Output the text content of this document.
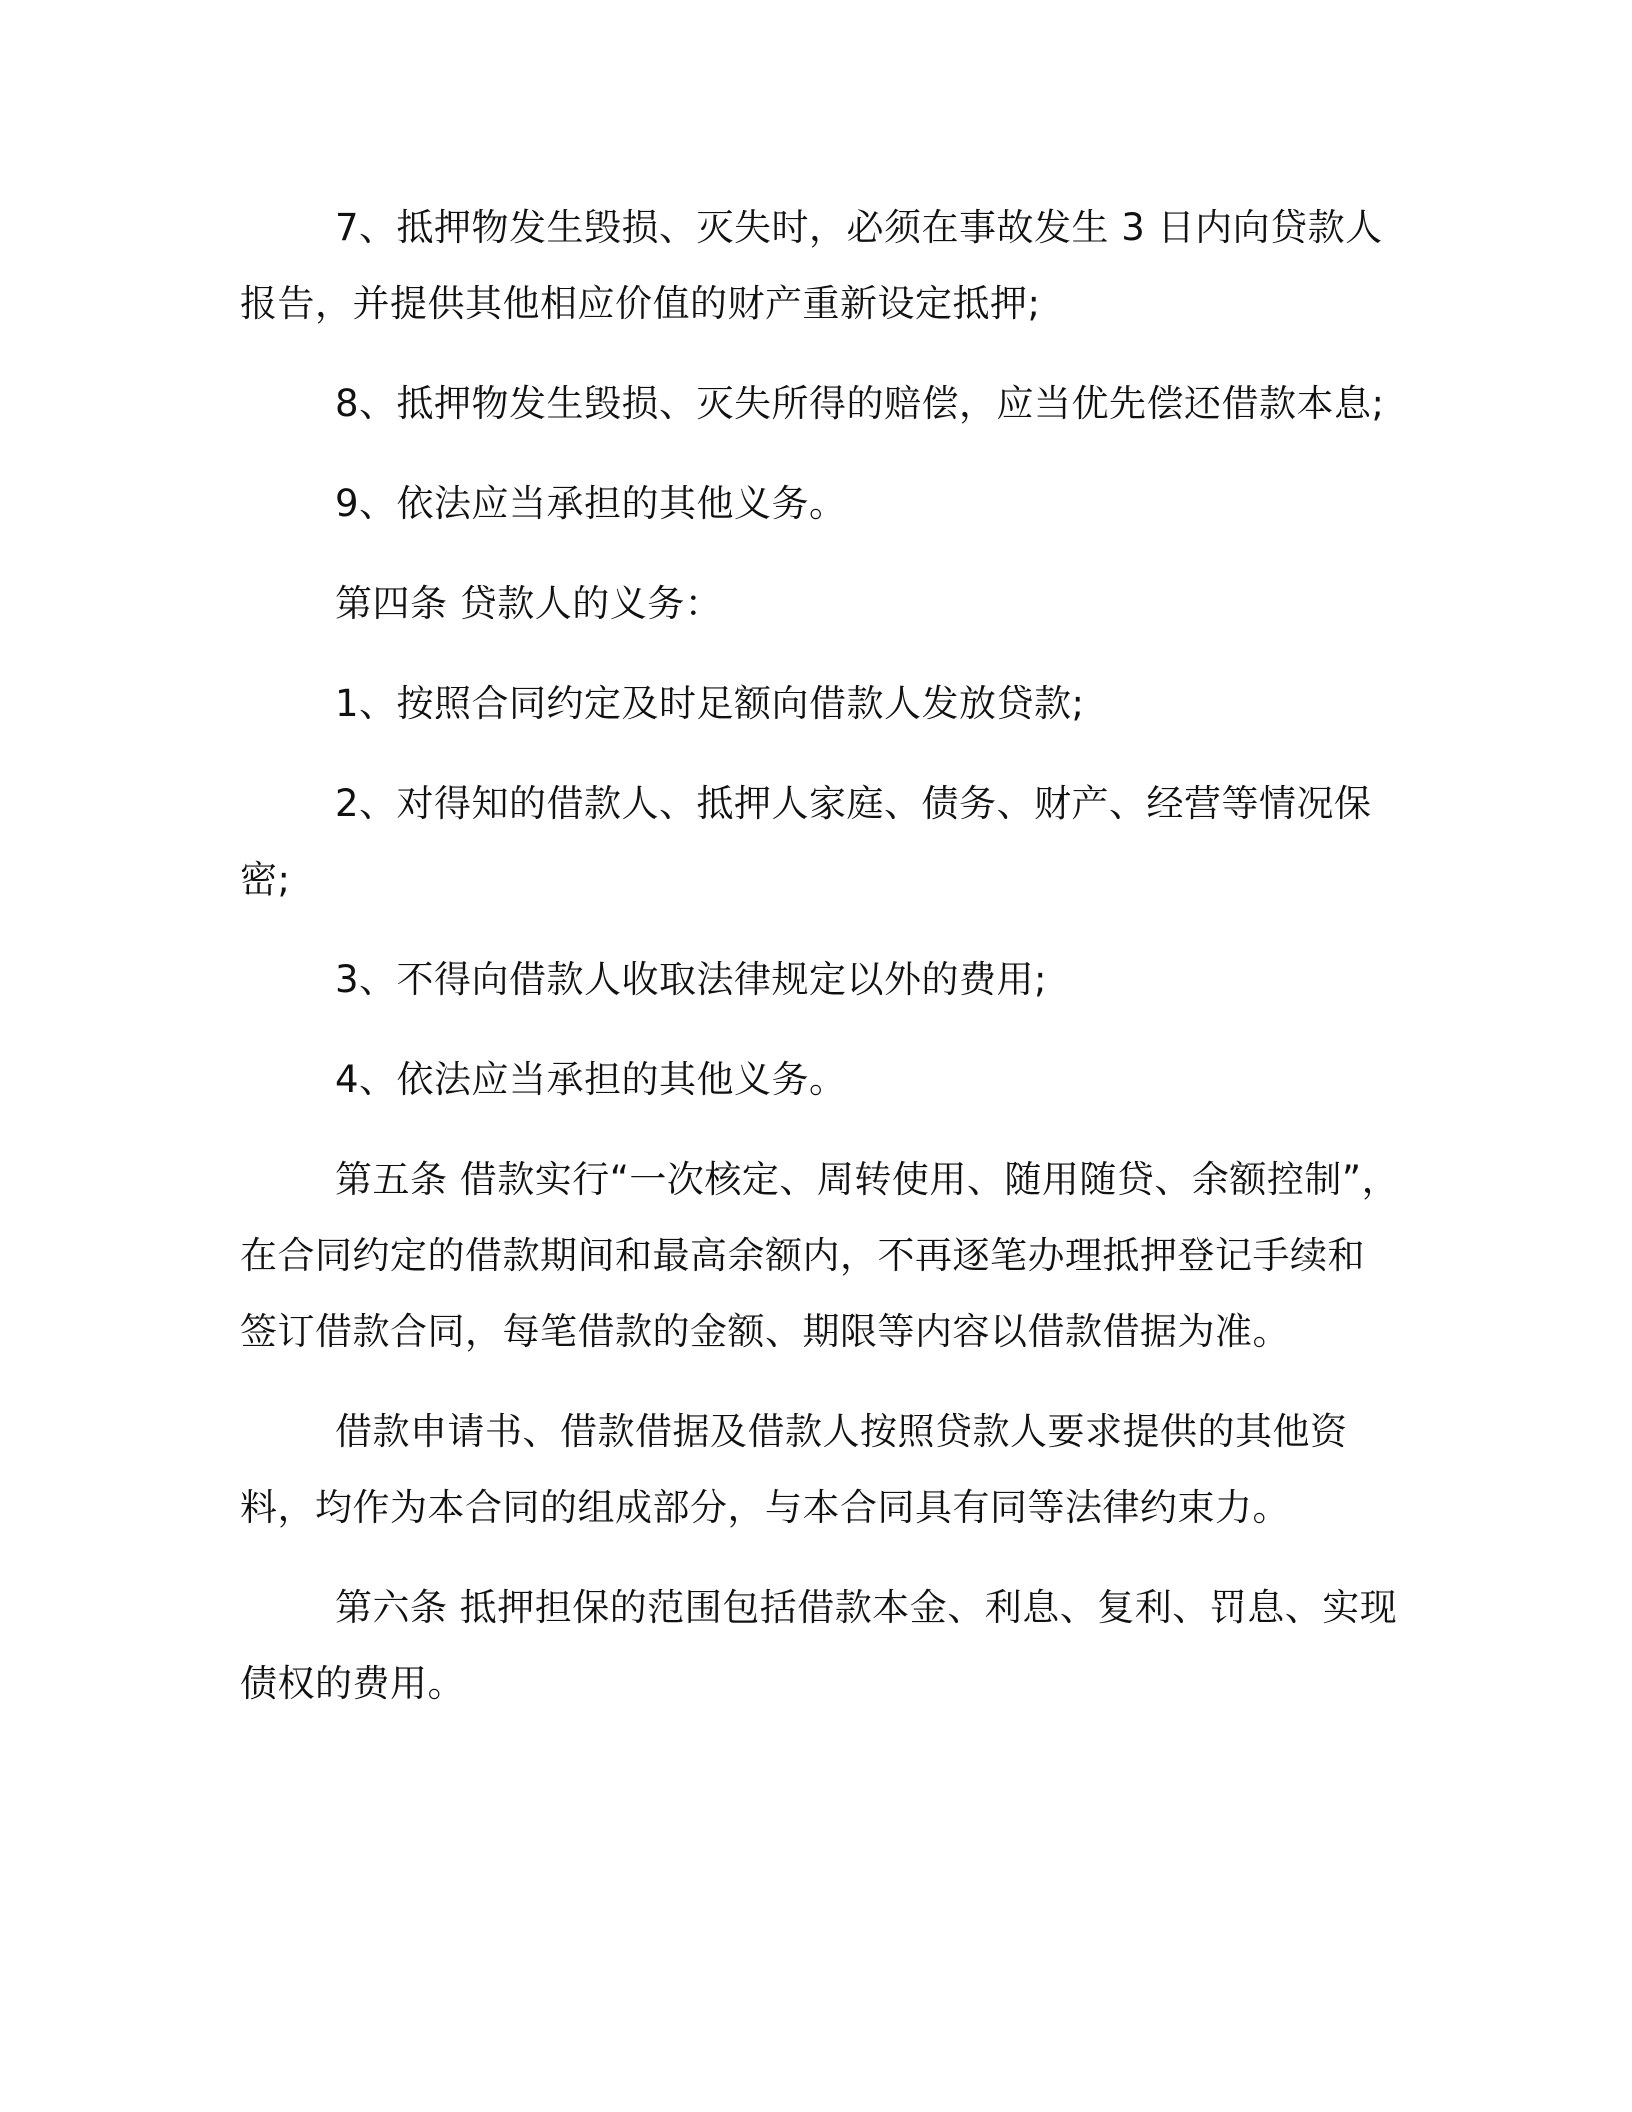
7、抵押物发生毁损、灭失时，必须在事故发生 3 日内向贷款人报告，并提供其他相应价值的财产重新设定抵押;

8、抵押物发生毁损、灭失所得的赔偿，应当优先偿还借款本息;

9、依法应当承担的其他义务。

第四条 贷款人的义务：

1、按照合同约定及时足额向借款人发放贷款;

2、对得知的借款人、抵押人家庭、债务、财产、经营等情况保密;

3、不得向借款人收取法律规定以外的费用;

4、依法应当承担的其他义务。

第五条 借款实行“一次核定、周转使用、随用随贷、余额控制”，在合同约定的借款期间和最高余额内，不再逐笔办理抵押登记手续和签订借款合同，每笔借款的金额、期限等内容以借款借据为准。

借款申请书、借款借据及借款人按照贷款人要求提供的其他资料，均作为本合同的组成部分，与本合同具有同等法律约束力。

第六条 抵押担保的范围包括借款本金、利息、复利、罚息、实现债权的费用。
